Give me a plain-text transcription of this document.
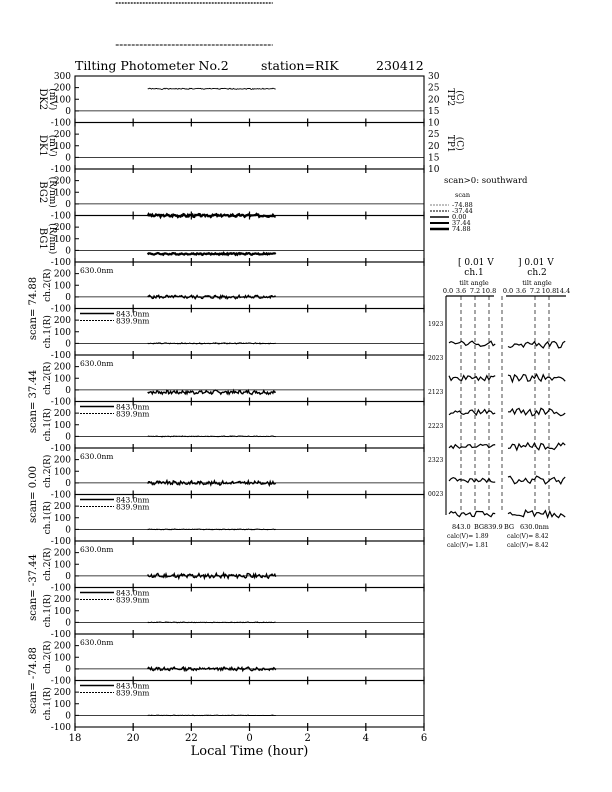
Tilting Photometer No.2	station=RIK	230412
300
200
100
0
-100
DK2 (mV)
30
25
20
15
10
TP2 (C)
200
100
0
-100
DK1 (mV)	25
20
15
10
TP1 (C)
200
100
0
-100
BG2 (R/nm)
200
100
0
-100
BG1 (R/nm)
200
100
0
-100
scan= 74.88 ch.2(R)	630.0nm
200
100
0
-100
ch.1(R)
843.0nm
839.9nm
200
100
0
-100
scan= 37.44 ch.2(R)	630.0nm
200
100
0
-100
ch.1(R)
843.0nm
839.9nm
200
100
0
-100
scan= 0.00 ch.2(R)	630.0nm
200
100
0
-100
ch.1(R)
843.0nm
839.9nm
200
100
0
-100
scan= -37.44 ch.2(R)	630.0nm
200
100
0
-100
ch.1(R)
843.0nm
839.9nm
200
100
0
-100
scan= -74.88 ch.2(R)	630.0nm
200
100
0
-100
ch.1(R)
843.0nm
839.9nm
18	20	22	0	2	4	6
Local Time (hour)
scan>0: southward
scan
-74.88
-37.44
0.00
37.44
74.88
[ 0.01 V	] 0.01 V
ch.1	ch.2
tilt angle	tilt angle
0.0 3.6 7.2 10.8 0.0 3.6 7.2 10.8 14.4
1923
2023
2123
2223
2323
0023
843.0 BG 839.9 BG 630.0nm
calc(V)= 1.89
calc(V)= 1.81
calc(V)= 8.42
calc(V)= 8.42
